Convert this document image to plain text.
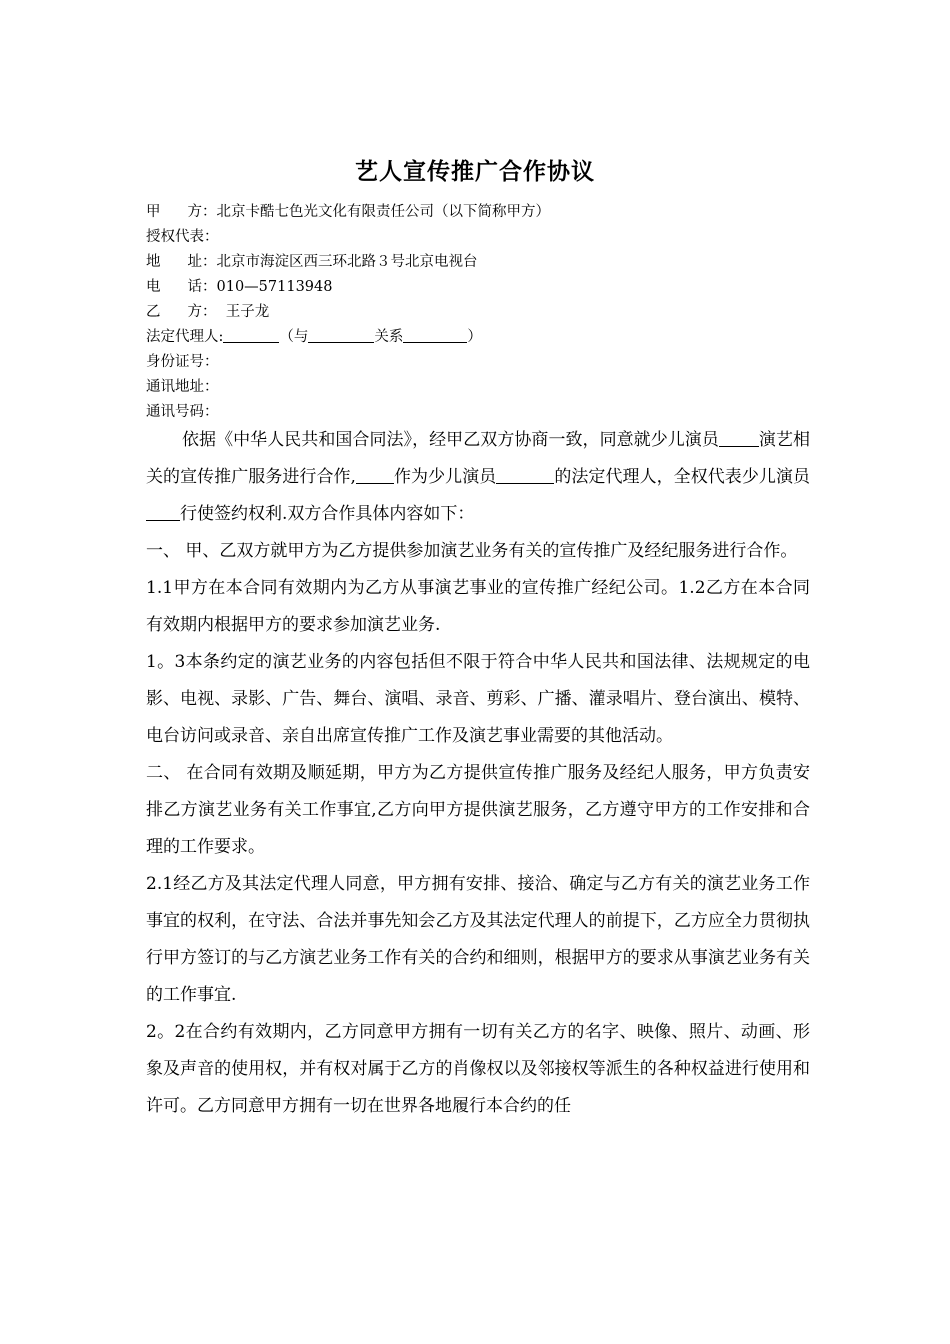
艺人宣传推广合作协议
甲 方 ：北京卡酷七色光文化有限责任公司（以下简称甲方）
授权代表：
地 址 ：北京市海淀区西三环北路３号北京电视台
电 话 ：010—57113948
乙 方 ：  王子龙
法定代理人:	（与	关系	）
身份证号：
通讯地址：
通讯号码：

依据《中华人民共和国合同法》，经甲乙双方协商一致，同意就少儿演员 演艺相关的宣传推广服务进行合作, 作为少儿演员	的法定代理人，全权代表少儿演员行使签约权利.双方合作具体内容如下：

一、 甲、乙双方就甲方为乙方提供参加演艺业务有关的宣传推广及经纪服务进行合作。

1.1甲方在本合同有效期内为乙方从事演艺事业的宣传推广经纪公司。1.2乙方在本合同有效期内根据甲方的要求参加演艺业务.

1。3本条约定的演艺业务的内容包括但不限于符合中华人民共和国法律、法规规定的电影、电视、录影、广告、舞台、演唱、录音、剪彩、广播、灌录唱片、登台演出、模特、电台访问或录音、亲自出席宣传推广工作及演艺事业需要的其他活动。

二、 在合同有效期及顺延期，甲方为乙方提供宣传推广服务及经纪人服务，甲方负责安排乙方演艺业务有关工作事宜,乙方向甲方提供演艺服务，乙方遵守甲方的工作安排和合理的工作要求。

2.1经乙方及其法定代理人同意，甲方拥有安排、接洽、确定与乙方有关的演艺业务工作事宜的权利，在守法、合法并事先知会乙方及其法定代理人的前提下，乙方应全力贯彻执行甲方签订的与乙方演艺业务工作有关的合约和细则，根据甲方的要求从事演艺业务有关的工作事宜.

2。2在合约有效期内，乙方同意甲方拥有一切有关乙方的名字、映像、照片、动画、形象及声音的使用权，并有权对属于乙方的肖像权以及邻接权等派生的各种权益进行使用和许可。乙方同意甲方拥有一切在世界各地履行本合约的任
